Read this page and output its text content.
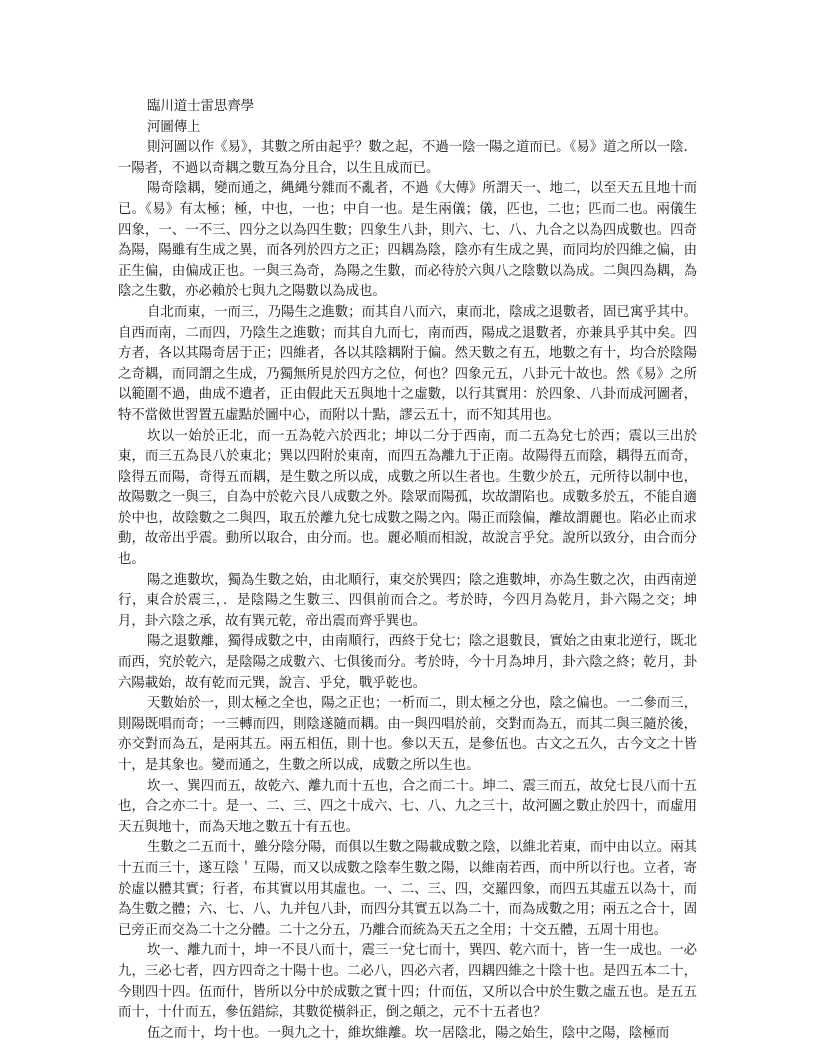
臨川道士雷思齊學

河圖傳上

則河圖以作《易》，其數之所由起乎？數之起，不過一陰一陽之道而已。《易》道之所以一陰．一陽者，不過以奇耦之數互為分且合，以生且成而已。

陽奇陰耦，變而通之，縄縄兮雜而不亂者，不過《大傳》所謂天一、地二，以至天五且地十而已。《易》有太極；極，中也，一也；中自一也。是生兩儀；儀，匹也，二也；匹而二也。兩儀生四象，一、一不三、四分之以為四生數；四象生八卦，則六、七、八、九合之以為四成數也。四奇為陽，陽雖有生成之異，而各列於四方之正；四耦為陰，陰亦有生成之異，而同均於四維之偏，由正生偏，由偏成正也。一與三為奇，為陽之生數，而必待於六與八之陰數以為成。二與四為耦，為陰之生數，亦必賴於七與九之陽數以為成也。

自北而東，一而三，乃陽生之進數；而其自八而六，東而北，陰成之退數者，固已寓乎其中。自西而南，二而四，乃陰生之進數；而其自九而七，南而西，陽成之退數者，亦兼具乎其中矣。四方者，各以其陽奇居于正；四維者，各以其陰耦附于偏。然天數之有五，地數之有十，均合於陰陽之奇耦，而同謂之生成，乃獨無所見於四方之位，何也？四象元五，八卦元十故也。然《易》之所以範圍不過，曲成不遺者，正由假此天五與地十之虛數，以行其實用：於四象、八卦而成河圖者，特不當傚世習置五虛點於圖中心，而附以十點，謬云五十，而不知其用也。

坎以一始於正北，而一五為乾六於西北；坤以二分于西南，而二五為兌七於西；震以三出於東，而三五為艮八於東北；巽以四附於東南，而四五為離九于正南。故陽得五而陰，耦得五而奇，陰得五而陽，奇得五而耦，是生數之所以成，成數之所以生者也。生數少於五，元所待以制中也，故陽數之一與三，自為中於乾六艮八成數之外。陰眾而陽孤，坎故謂陷也。成數多於五，不能自適於中也，故陰數之二與四，取五於離九兌七成數之陽之內。陽正而陰偏，離故謂麗也。陷必止而求動，故帝出乎震。動所以取合，由分而。也。麗必順而相說，故說言乎兌。說所以致分，由合而分也。

陽之進數坎，獨為生數之始，由北順行，東交於巽四；陰之進數坤，亦為生數之次，由西南逆行，東合於震三，．是陰陽之生數三、四俱前而合之。考於時，今四月為乾月，卦六陽之交；坤月，卦六陰之承，故有巽元乾，帝出震而齊乎巽也。

陽之退數離，獨得成數之中，由南順行，西終于兌七；陰之退數艮，實始之由東北逆行，既北而西，究於乾六，是陰陽之成數六、七俱後而分。考於時，今十月為坤月，卦六陰之終；乾月，卦六陽載始，故有乾而元巽，說言、乎兌，戰乎乾也。

天數始於一，則太極之全也，陽之正也；一析而二，則太極之分也，陰之偏也。一二參而三，則陽既唱而奇；一三轉而四，則陰遂隨而耦。由一與四唱於前，交對而為五，而其二與三隨於後，亦交對而為五，是兩其五。兩五相伍，則十也。參以天五，是參伍也。古文之五久，古今文之十皆十，是其象也。變而通之，生數之所以成，成數之所以生也。

坎一、巽四而五，故乾六、離九而十五也，合之而二十。坤二、震三而五，故兌七艮八而十五也，合之亦二十。是一、二、三、四之十成六、七、八、九之三十，故河圖之數止於四十，而虛用天五與地十，而為天地之數五十有五也。

生數之二五而十，雖分陰分陽，而俱以生數之陽載成數之陰，以維北若東，而中由以立。兩其十五而三十，遂互陰＇互陽，而又以成數之陰奉生數之陽，以維南若西，而中所以行也。立者，寄於虛以體其實；行者，布其實以用其虛也。一、二、三、四，交羅四象，而四五其虛五以為十，而為生數之體；六、七、八、九并包八卦，而四分其實五以為二十，而為成數之用；兩五之合十，固已旁正而交為二十之分體。二十之分五，乃離合而統為天五之全用；十交五體，五周十用也。

坎一、離九而十，坤一不艮八而十，震三一兌七而十，巽四、乾六而十，皆一生一成也。一必九，三必七者，四方四奇之十陽十也。二必八，四必六者，四耦四維之十陰十也。是四五本二十，今則四十四。伍而什，皆所以分中於成數之實十四；什而伍，又所以合中於生數之虛五也。是五五而十，十什而五，參伍錯綜，其數從橫斜正，倒之顛之，元不十五者也？

伍之而十，均十也。一與九之十，維坎維離。坎一居陰北，陽之始生，陰中之陽，陰極而
